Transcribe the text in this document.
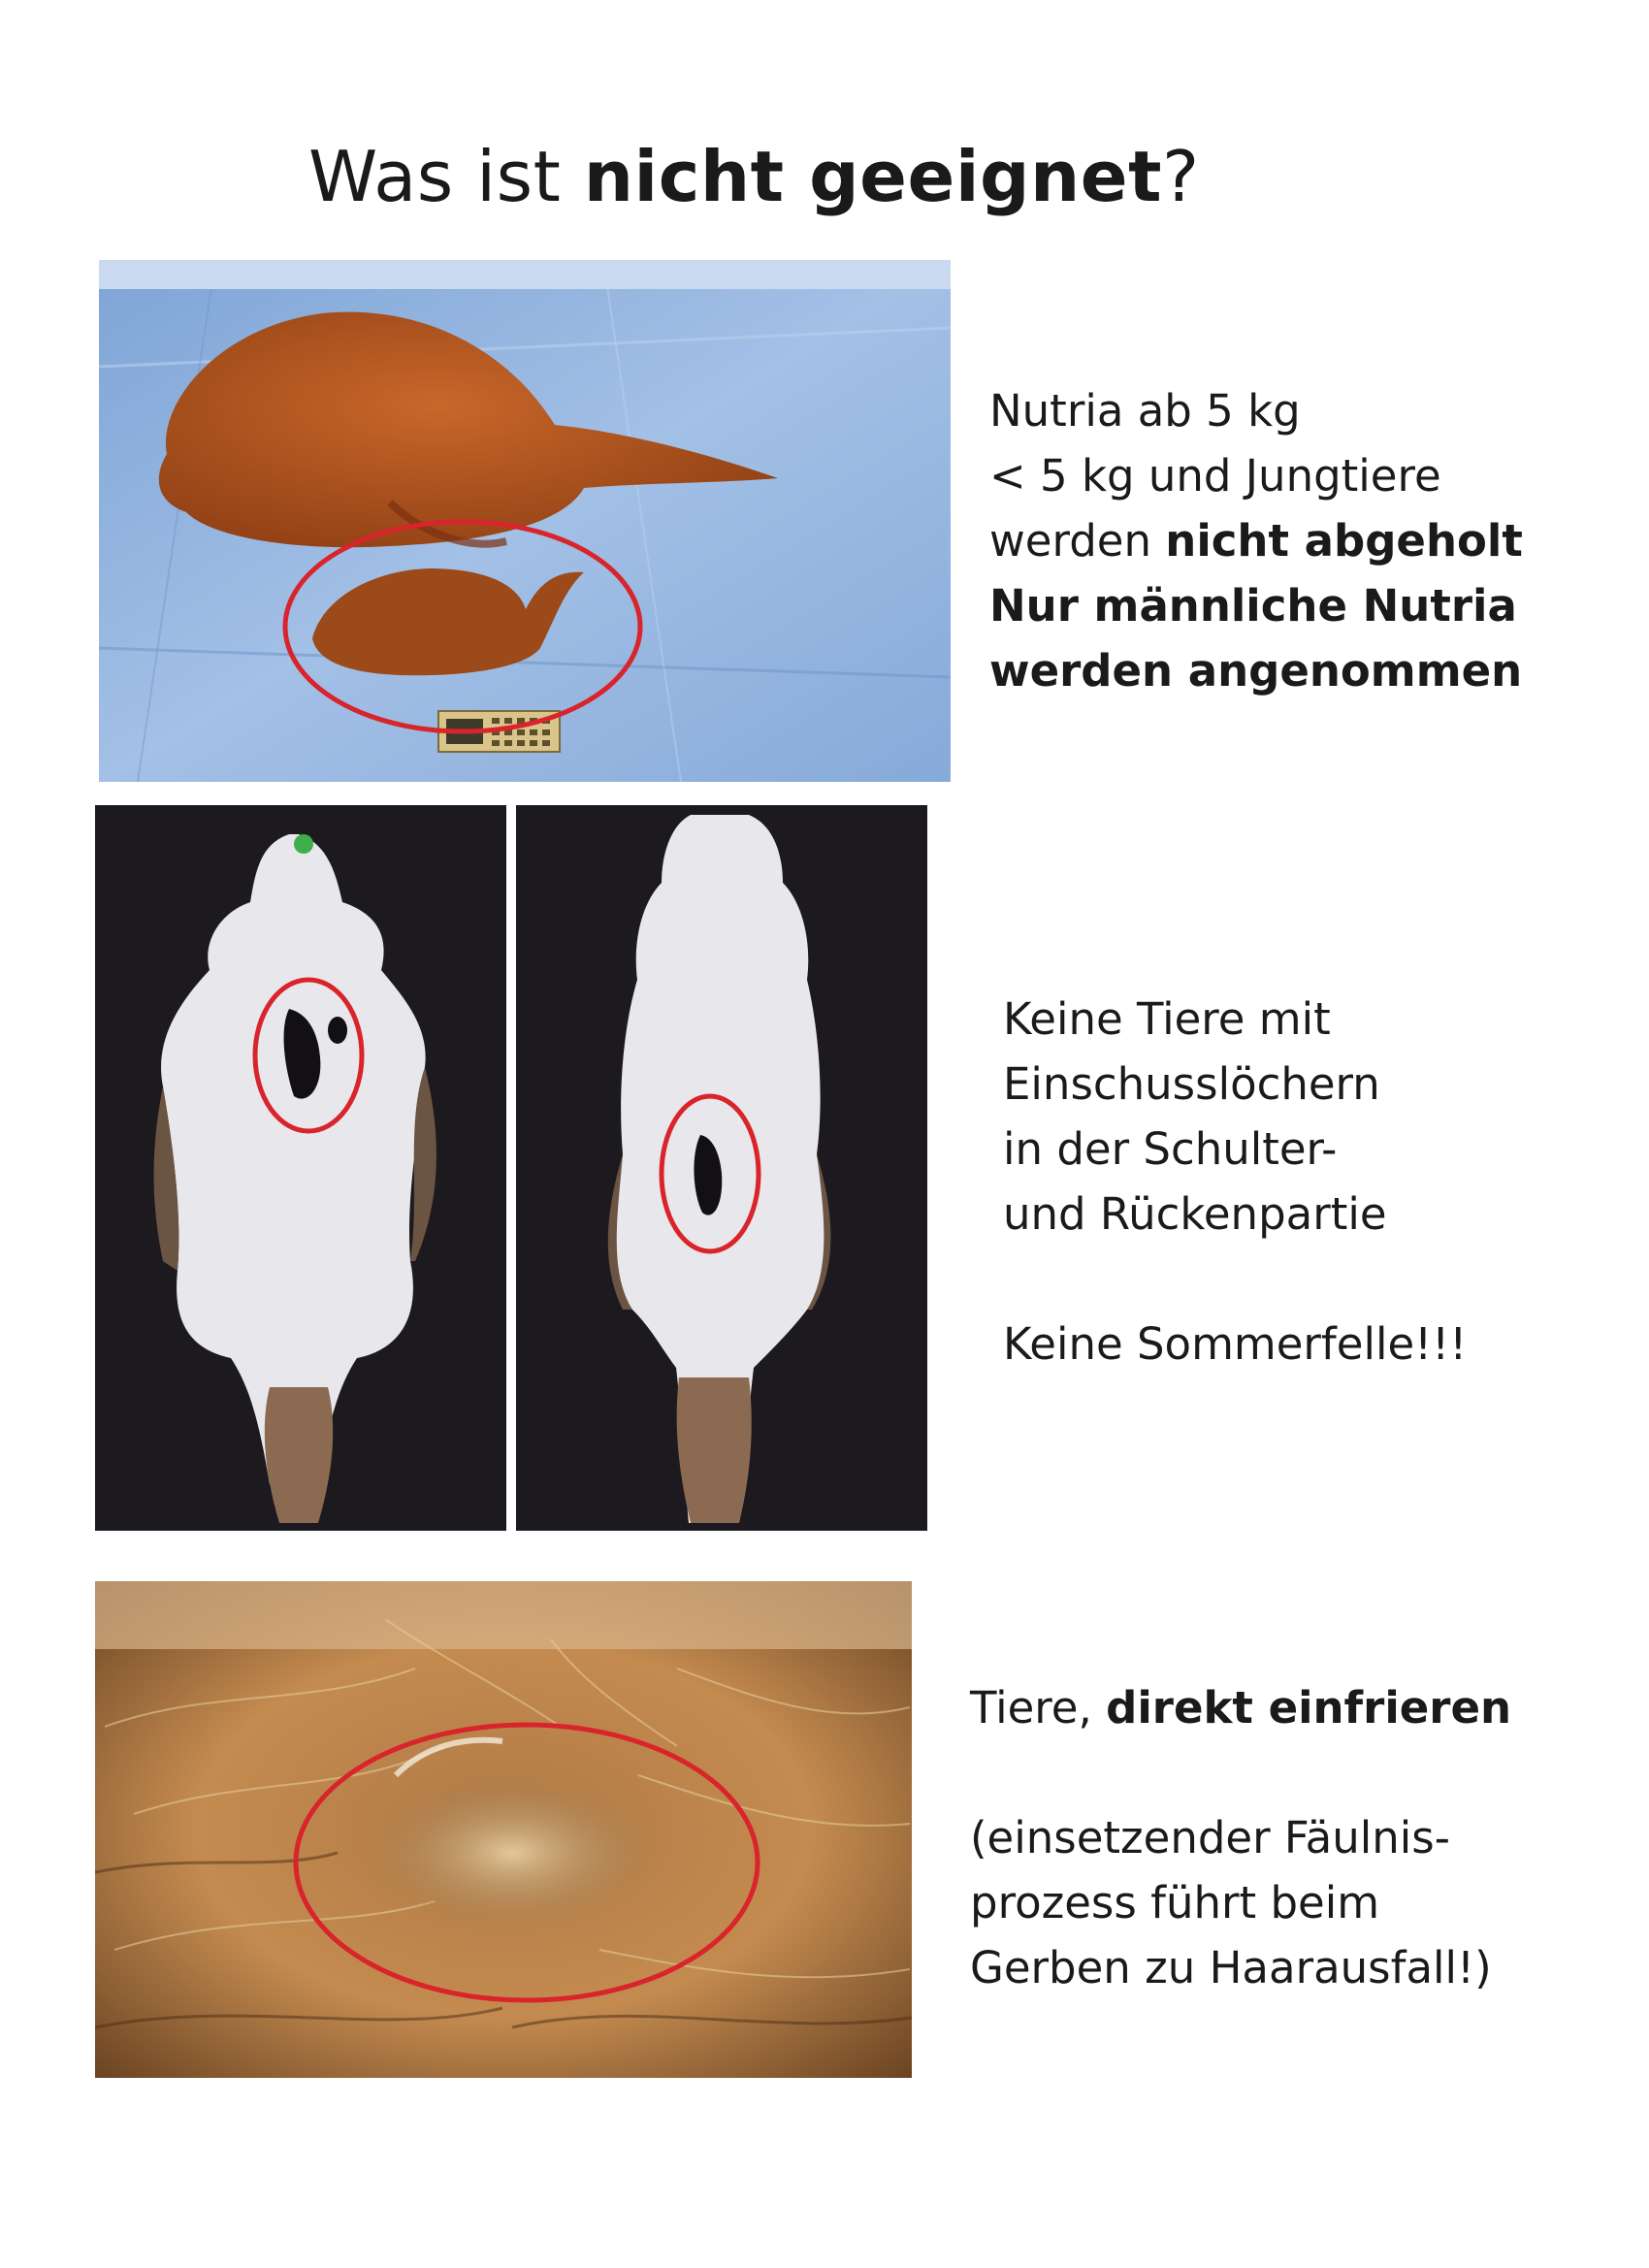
Was ist nicht geeignet?
Nutria ab 5 kg
< 5 kg und Jungtiere
werden nicht abgeholt
Nur männliche Nutria
werden angenommen
Keine Tiere mit
Einschusslöchern
in der Schulter-
und Rückenpartie
Keine Sommerfelle!!!
Tiere, direkt einfrieren
(einsetzender Fäulnis-
prozess führt beim
Gerben zu Haarausfall!)
